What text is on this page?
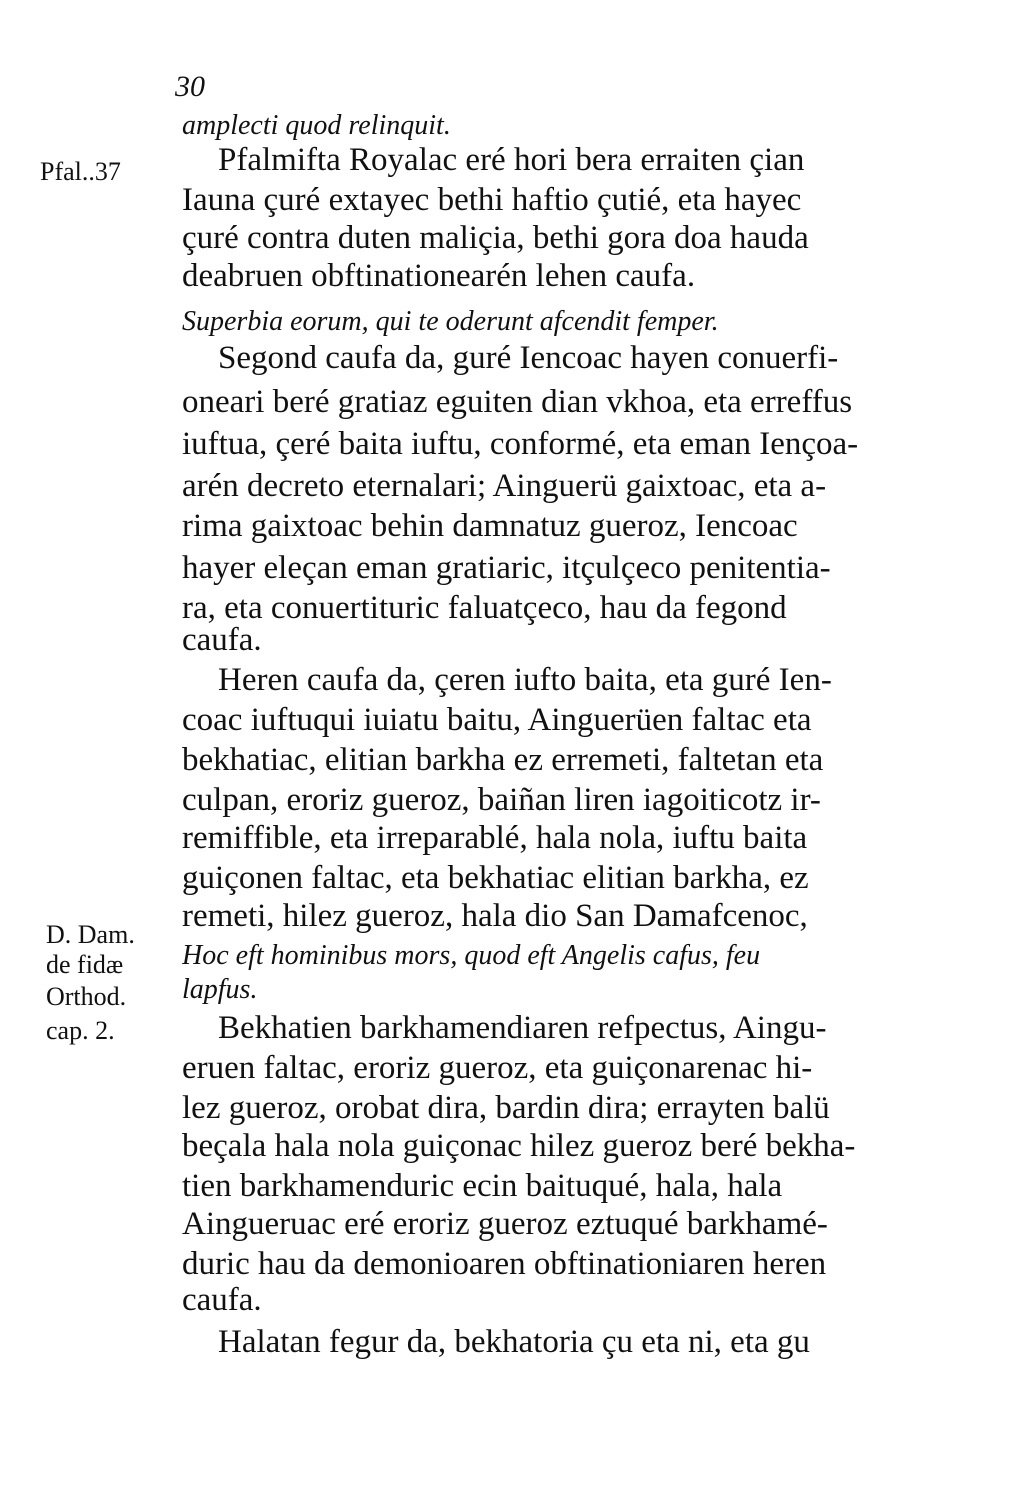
30

Pfal..37

D. Dam.

de fidæ

Orthod.

cap. 2.

amplecti quod relinquit.

Pfalmifta Royalac eré hori bera erraiten çian

Iauna çuré extayec bethi haftio çutié, eta hayec

çuré contra duten maliçia, bethi gora doa hauda

deabruen obftinationearén lehen caufa.

Superbia eorum, qui te oderunt afcendit femper.

Segond caufa da, guré Iencoac hayen conuerfi-

oneari beré gratiaz eguiten dian vkhoa, eta erreffus

iuftua, çeré baita iuftu, conformé, eta eman Iençoa-

arén decreto eternalari; Ainguerü gaixtoac, eta a-

rima gaixtoac behin damnatuz gueroz, Iencoac

hayer eleçan eman gratiaric, itçulçeco penitentia-

ra, eta conuertituric faluatçeco, hau da fegond

caufa.

Heren caufa da, çeren iufto baita, eta guré Ien-

coac iuftuqui iuiatu baitu, Ainguerüen faltac eta

bekhatiac, elitian barkha ez erremeti, faltetan eta

culpan, eroriz gueroz, baiñan liren iagoiticotz ir-

remiffible, eta irreparablé, hala nola, iuftu baita

guiçonen faltac, eta bekhatiac elitian barkha, ez

remeti, hilez gueroz, hala dio San Damafcenoc,

Hoc eft hominibus mors, quod eft Angelis cafus, feu

lapfus.

Bekhatien barkhamendiaren refpectus, Aingu-

eruen faltac, eroriz gueroz, eta guiçonarenac hi-

lez gueroz, orobat dira, bardin dira; errayten balü

beçala hala nola guiçonac hilez gueroz beré bekha-

tien barkhamenduric ecin baituqué, hala, hala

Aingueruac eré eroriz gueroz eztuqué barkhamé-

duric hau da demonioaren obftinationiaren heren

caufa.

Halatan fegur da, bekhatoria çu eta ni, eta gu
